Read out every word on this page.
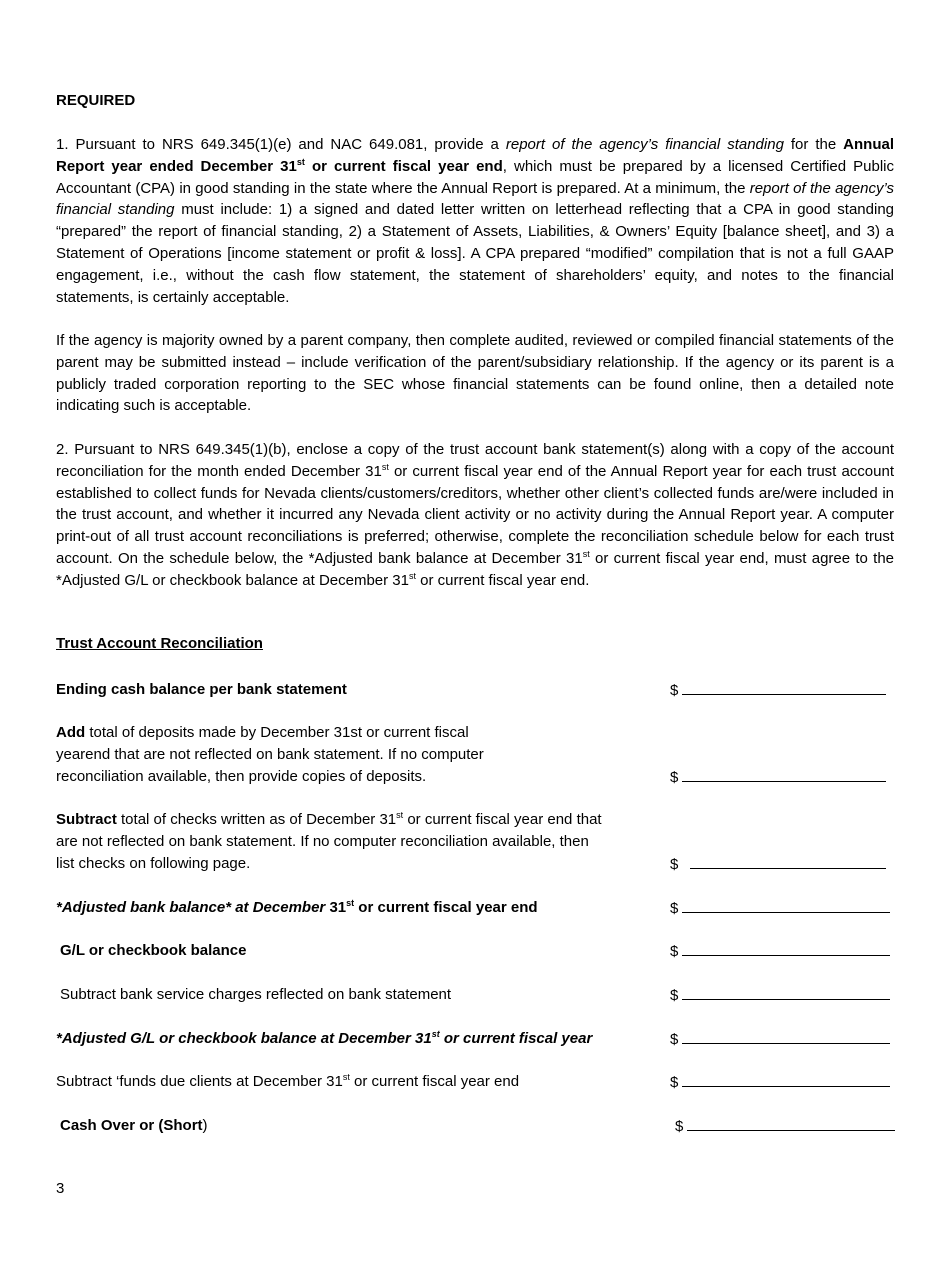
REQUIRED

1. Pursuant to NRS 649.345(1)(e) and NAC 649.081, provide a report of the agency’s financial standing for the Annual Report year ended December 31st or current fiscal year end, which must be prepared by a licensed Certified Public Accountant (CPA) in good standing in the state where the Annual Report is prepared. At a minimum, the report of the agency’s financial standing must include: 1) a signed and dated letter written on letterhead reflecting that a CPA in good standing “prepared” the report of financial standing, 2) a Statement of Assets, Liabilities, & Owners’ Equity [balance sheet], and 3) a Statement of Operations [income statement or profit & loss]. A CPA prepared “modified” compilation that is not a full GAAP engagement, i.e., without the cash flow statement, the statement of shareholders’ equity, and notes to the financial statements, is certainly acceptable.

If the agency is majority owned by a parent company, then complete audited, reviewed or compiled financial statements of the parent may be submitted instead – include verification of the parent/subsidiary relationship. If the agency or its parent is a publicly traded corporation reporting to the SEC whose financial statements can be found online, then a detailed note indicating such is acceptable.

2. Pursuant to NRS 649.345(1)(b), enclose a copy of the trust account bank statement(s) along with a copy of the account reconciliation for the month ended December 31st or current fiscal year end of the Annual Report year for each trust account established to collect funds for Nevada clients/customers/creditors, whether other client’s collected funds are/were included in the trust account, and whether it incurred any Nevada client activity or no activity during the Annual Report year. A computer print-out of all trust account reconciliations is preferred; otherwise, complete the reconciliation schedule below for each trust account. On the schedule below, the *Adjusted bank balance at December 31st or current fiscal year end, must agree to the *Adjusted G/L or checkbook balance at December 31st or current fiscal year end.

Trust Account Reconciliation
Ending cash balance per bank statement	$
Add total of deposits made by December 31st or current fiscal yearend that are not reflected on bank statement. If no computer reconciliation available, then provide copies of deposits.	$
Subtract total of checks written as of December 31st or current fiscal year end that are not reflected on bank statement. If no computer reconciliation available, then list checks on following page.	$
*Adjusted bank balance* at December 31st or current fiscal year end	$
G/L or checkbook balance	$
Subtract bank service charges reflected on bank statement	$
*Adjusted G/L or checkbook balance at December 31st or current fiscal year	$
Subtract ‘funds due clients at December 31st or current fiscal year end	$
Cash Over or (Short)	$
3
